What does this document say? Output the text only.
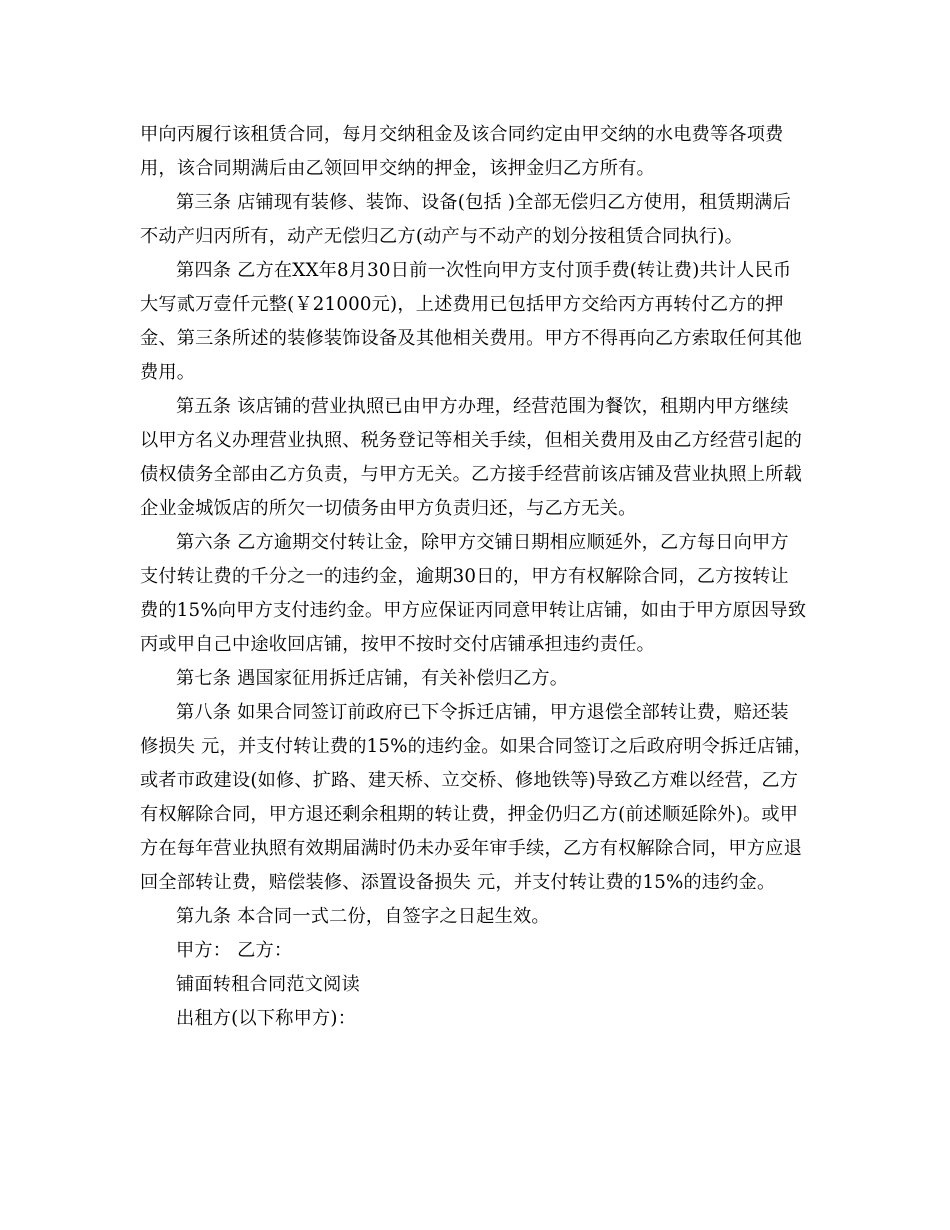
甲向丙履行该租赁合同，每月交纳租金及该合同约定由甲交纳的水电费等各项费
用，该合同期满后由乙领回甲交纳的押金，该押金归乙方所有。
第三条 店铺现有装修、装饰、设备(包括 )全部无偿归乙方使用，租赁期满后
不动产归丙所有，动产无偿归乙方(动产与不动产的划分按租赁合同执行)。
第四条 乙方在XX年8月30日前一次性向甲方支付顶手费(转让费)共计人民币
大写贰万壹仟元整(￥21000元)，上述费用已包括甲方交给丙方再转付乙方的押
金、第三条所述的装修装饰设备及其他相关费用。甲方不得再向乙方索取任何其他
费用。
第五条 该店铺的营业执照已由甲方办理，经营范围为餐饮，租期内甲方继续
以甲方名义办理营业执照、税务登记等相关手续，但相关费用及由乙方经营引起的
债权债务全部由乙方负责，与甲方无关。乙方接手经营前该店铺及营业执照上所载
企业金城饭店的所欠一切债务由甲方负责归还，与乙方无关。
第六条 乙方逾期交付转让金，除甲方交铺日期相应顺延外，乙方每日向甲方
支付转让费的千分之一的违约金，逾期30日的，甲方有权解除合同，乙方按转让
费的15%向甲方支付违约金。甲方应保证丙同意甲转让店铺，如由于甲方原因导致
丙或甲自己中途收回店铺，按甲不按时交付店铺承担违约责任。
第七条 遇国家征用拆迁店铺，有关补偿归乙方。
第八条 如果合同签订前政府已下令拆迁店铺，甲方退偿全部转让费，赔还装
修损失 元，并支付转让费的15%的违约金。如果合同签订之后政府明令拆迁店铺，
或者市政建设(如修、扩路、建天桥、立交桥、修地铁等)导致乙方难以经营，乙方
有权解除合同，甲方退还剩余租期的转让费，押金仍归乙方(前述顺延除外)。或甲
方在每年营业执照有效期届满时仍未办妥年审手续，乙方有权解除合同，甲方应退
回全部转让费，赔偿装修、添置设备损失 元，并支付转让费的15%的违约金。
第九条 本合同一式二份，自签字之日起生效。
甲方： 乙方：
铺面转租合同范文阅读
出租方(以下称甲方)：
